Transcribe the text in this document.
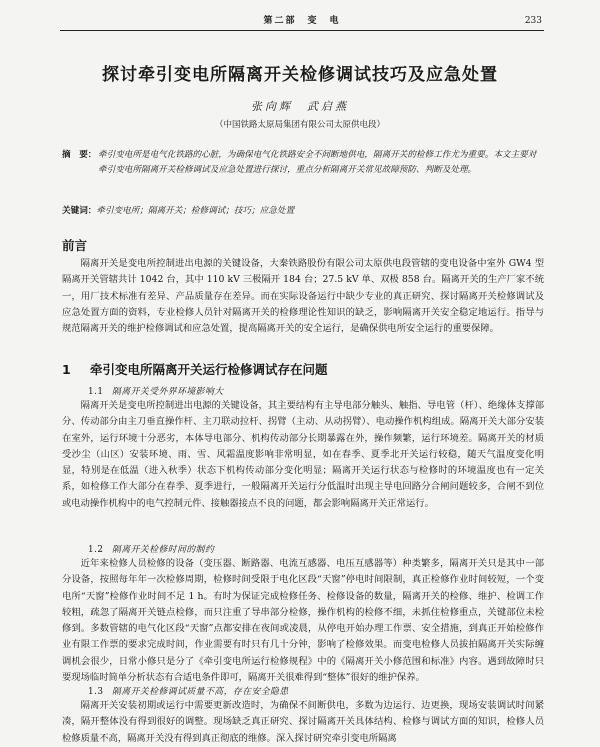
第二部　变　电	233
探讨牵引变电所隔离开关检修调试技巧及应急处置
张向辉　武启燕
（中国铁路太原局集团有限公司太原供电段）
摘　要： 牵引变电所是电气化铁路的心脏，为确保电气化铁路安全不间断地供电，隔离开关的检修工作尤为重要。本文主要对牵引变电所隔离开关检修调试及应急处置进行探讨，重点分析隔离开关常见故障预防、判断及处理。
关键词：牵引变电所；隔离开关；检修调试；技巧；应急处置
前言
隔离开关是变电所控制进出电源的关键设备，大秦铁路股份有限公司太原供电段管辖的变电设备中室外 GW4 型隔离开关管辖共计 1042 台，其中 110 kV 三极隔开 184 台；27.5 kV 单、双极 858 台。隔离开关的生产厂家不统一，用厂技术标准有差异、产品质量存在差异。而在实际设备运行中缺少专业的真正研究、探讨隔离开关检修调试及应急处置方面的资料，专业检修人员针对隔离开关的检修理论性知识的缺乏，影响隔离开关安全稳定地运行。指导与规范隔离开关的维护检修调试和应急处置，提高隔离开关的安全运行，是确保供电所安全运行的重要保障。
1 牵引变电所隔离开关运行检修调试存在问题
1.1 隔离开关受外界环境影响大
隔离开关是变电所控制进出电源的关键设备，其主要结构有主导电部分触头、触指、导电管（杆）、绝缘体支撑部分、传动部分由主刀垂直操作杆、主刀联动拉杆、拐臂（主动、从动拐臂）、电动操作机构组成。隔离开关大部分安装在室外，运行环境十分恶劣，本体导电部分、机构传动部分长期暴露在外，操作频繁，运行环境差。隔离开关的材质受沙尘（山区）安装环境、雨、雪、风霜温度影响非常明显，如在春季、夏季北开关运行较稳，随天气温度变化明显，特别是在低温（进入秋季）状态下机构传动部分变化明显；隔离开关运行状态与检修时的环境温度也有一定关系，如检修工作大部分在春季、夏季进行，一般隔离开关运行分低温时出现主导电回路分合闸问题较多，合闸不到位或电动操作机构中的电气控制元件、接触器接点不良的问题，都会影响隔离开关正常运行。
1.2 隔离开关检修时间的制约
近年来检修人员检修的设备（变压器、断路器、电流互感器、电压互感器等）种类繁多，隔离开关只是其中一部分设备，按照每年年一次检修周期，检修时间受限于电化区段“天窗”停电时间限制，真正检修作业时间较短，一个变电所“天窗”检修作业时间不足 1 h。有时为保证完成检修任务、检修设备的数量，隔离开关的检修、维护、检调工作较粗，疏忽了隔离开关链点检修，而只注重了导串部分检修，操作机构的检修不细，未抓住检修重点，关键部位未检修到。多数管辖的电气化区段“天窗”点都安排在夜间或凌晨，从停电开始办理工作票、安全措施，到真正开始检修作业有限工作票的要求完成时间，作业需要有时只有几十分钟，影响了检修效果。而变电检修人员拔拍隔离开关实际缠调机会很少，日常小修只是分了《牵引变电所运行检修规程》中的《隔离开关小修范围和标准》内容。遇到故障时只要现场临时简单分析状态有合适电条件即可，隔离开关很难得到“整体”很好的维护保养。
1.3 隔离开关检修调试质量不高，存在安全隐患
隔离开关安装初期或运行中需要更新改造时，为确保不间断供电，多数为边运行、边更换，现场安装调试时间紧凑，隔开整体没有得到很好的调整。现场缺乏真正研究、探讨隔离开关具体结构、检修与调试方面的知识，检修人员检修质量不高，隔离开关没有得到真正彻底的维修。深入探讨研究牵引变电所隔离
